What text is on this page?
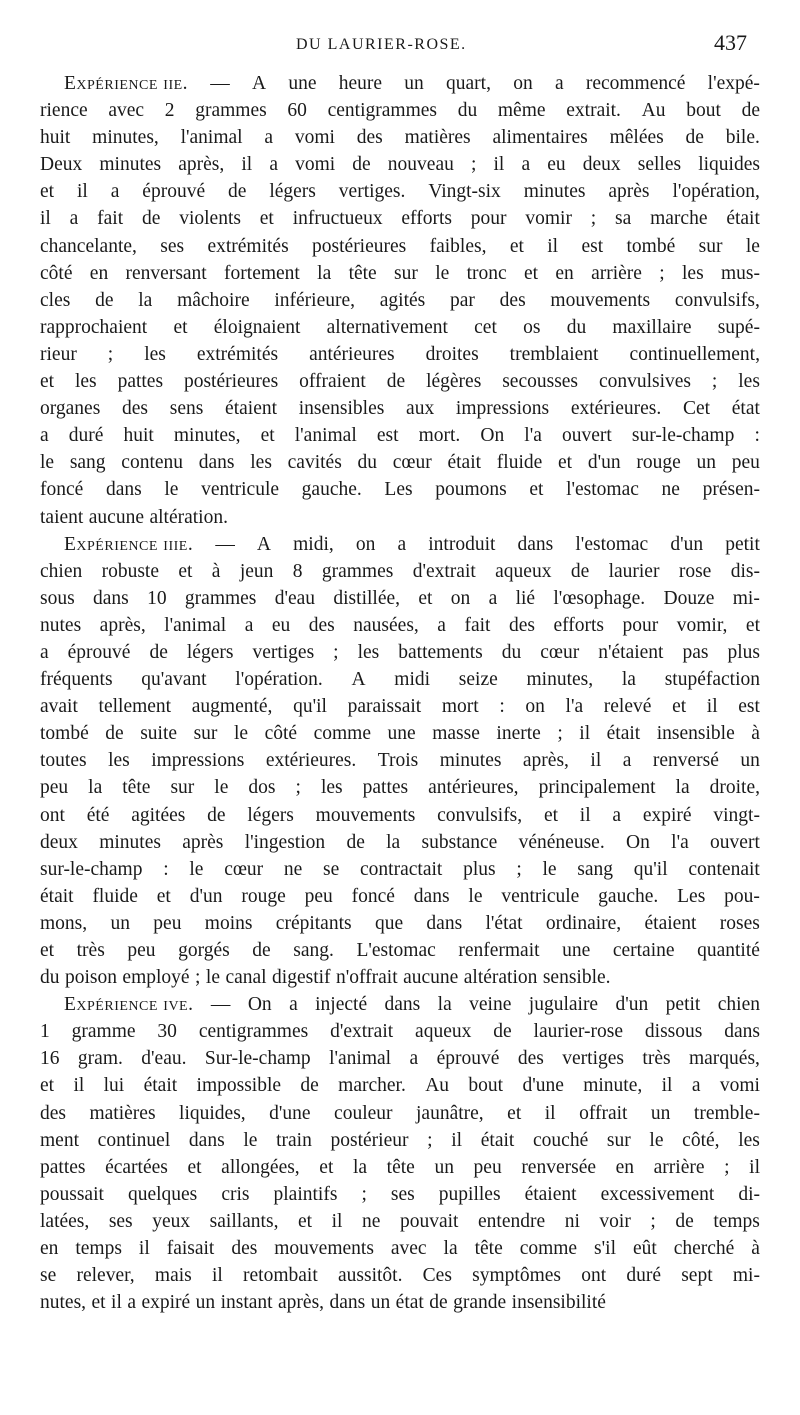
DU LAURIER-ROSE.	437
Expérience iie. — A une heure un quart, on a recommencé l'expé-
rience avec 2 grammes 60 centigrammes du même extrait. Au bout de
huit minutes, l'animal a vomi des matières alimentaires mêlées de bile.
Deux minutes après, il a vomi de nouveau ; il a eu deux selles liquides
et il a éprouvé de légers vertiges. Vingt-six minutes après l'opération,
il a fait de violents et infructueux efforts pour vomir ; sa marche était
chancelante, ses extrémités postérieures faibles, et il est tombé sur le
côté en renversant fortement la tête sur le tronc et en arrière ; les mus-
cles de la mâchoire inférieure, agités par des mouvements convulsifs,
rapprochaient et éloignaient alternativement cet os du maxillaire supé-
rieur ; les extrémités antérieures droites tremblaient continuellement,
et les pattes postérieures offraient de légères secousses convulsives ; les
organes des sens étaient insensibles aux impressions extérieures. Cet état
a duré huit minutes, et l'animal est mort. On l'a ouvert sur-le-champ :
le sang contenu dans les cavités du cœur était fluide et d'un rouge un peu
foncé dans le ventricule gauche. Les poumons et l'estomac ne présen-
taient aucune altération.
Expérience iiie. — A midi, on a introduit dans l'estomac d'un petit
chien robuste et à jeun 8 grammes d'extrait aqueux de laurier rose dis-
sous dans 10 grammes d'eau distillée, et on a lié l'œsophage. Douze mi-
nutes après, l'animal a eu des nausées, a fait des efforts pour vomir, et
a éprouvé de légers vertiges ; les battements du cœur n'étaient pas plus
fréquents qu'avant l'opération. A midi seize minutes, la stupéfaction
avait tellement augmenté, qu'il paraissait mort : on l'a relevé et il est
tombé de suite sur le côté comme une masse inerte ; il était insensible à
toutes les impressions extérieures. Trois minutes après, il a renversé un
peu la tête sur le dos ; les pattes antérieures, principalement la droite,
ont été agitées de légers mouvements convulsifs, et il a expiré vingt-
deux minutes après l'ingestion de la substance vénéneuse. On l'a ouvert
sur-le-champ : le cœur ne se contractait plus ; le sang qu'il contenait
était fluide et d'un rouge peu foncé dans le ventricule gauche. Les pou-
mons, un peu moins crépitants que dans l'état ordinaire, étaient roses
et très peu gorgés de sang. L'estomac renfermait une certaine quantité
du poison employé ; le canal digestif n'offrait aucune altération sensible.
Expérience ive. — On a injecté dans la veine jugulaire d'un petit chien
1 gramme 30 centigrammes d'extrait aqueux de laurier-rose dissous dans
16 gram. d'eau. Sur-le-champ l'animal a éprouvé des vertiges très marqués,
et il lui était impossible de marcher. Au bout d'une minute, il a vomi
des matières liquides, d'une couleur jaunâtre, et il offrait un tremble-
ment continuel dans le train postérieur ; il était couché sur le côté, les
pattes écartées et allongées, et la tête un peu renversée en arrière ; il
poussait quelques cris plaintifs ; ses pupilles étaient excessivement di-
latées, ses yeux saillants, et il ne pouvait entendre ni voir ; de temps
en temps il faisait des mouvements avec la tête comme s'il eût cherché à
se relever, mais il retombait aussitôt. Ces symptômes ont duré sept mi-
nutes, et il a expiré un instant après, dans un état de grande insensibilité
